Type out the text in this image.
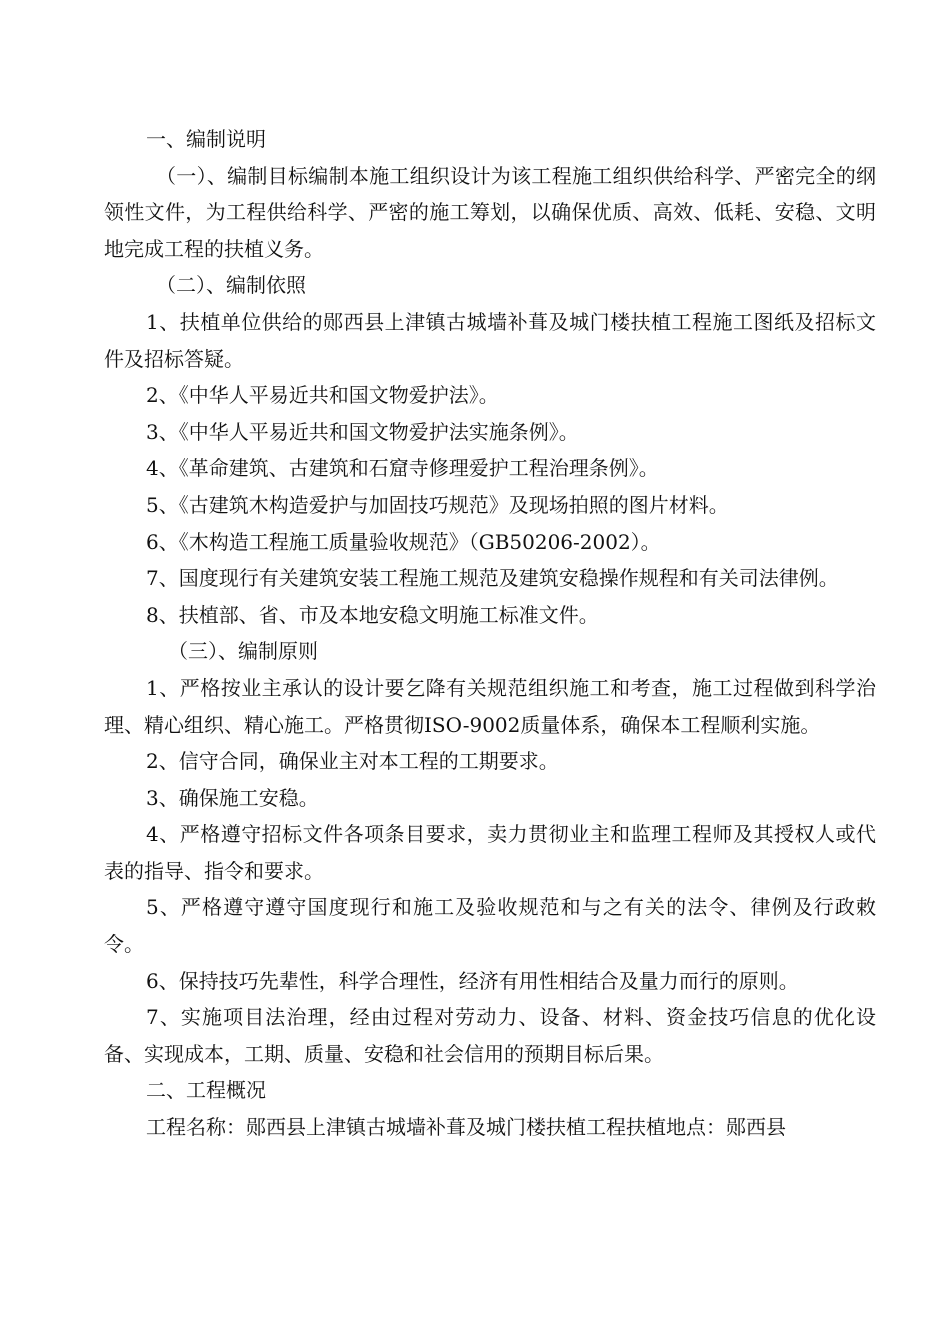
一、编制说明

（一）、编制目标编制本施工组织设计为该工程施工组织供给科学、严密完全的纲领性文件，为工程供给科学、严密的施工筹划，以确保优质、高效、低耗、安稳、文明地完成工程的扶植义务。

（二）、编制依照

1、扶植单位供给的郧西县上津镇古城墙补葺及城门楼扶植工程施工图纸及招标文件及招标答疑。

2、《中华人平易近共和国文物爱护法》。

3、《中华人平易近共和国文物爱护法实施条例》。

4、《革命建筑、古建筑和石窟寺修理爱护工程治理条例》。

5、《古建筑木构造爱护与加固技巧规范》及现场拍照的图片材料。

6、《木构造工程施工质量验收规范》（GB50206-2002）。

7、国度现行有关建筑安装工程施工规范及建筑安稳操作规程和有关司法律例。

8、扶植部、省、市及本地安稳文明施工标准文件。

（三）、编制原则

1、严格按业主承认的设计要乞降有关规范组织施工和考查，施工过程做到科学治理、精心组织、精心施工。严格贯彻ISO-9002质量体系，确保本工程顺利实施。

2、信守合同，确保业主对本工程的工期要求。

3、确保施工安稳。

4、严格遵守招标文件各项条目要求，卖力贯彻业主和监理工程师及其授权人或代表的指导、指令和要求。

5、严格遵守遵守国度现行和施工及验收规范和与之有关的法令、律例及行政敕令。

6、保持技巧先辈性，科学合理性，经济有用性相结合及量力而行的原则。

7、实施项目法治理，经由过程对劳动力、设备、材料、资金技巧信息的优化设备、实现成本，工期、质量、安稳和社会信用的预期目标后果。

二、工程概况

工程名称：郧西县上津镇古城墙补葺及城门楼扶植工程扶植地点：郧西县
